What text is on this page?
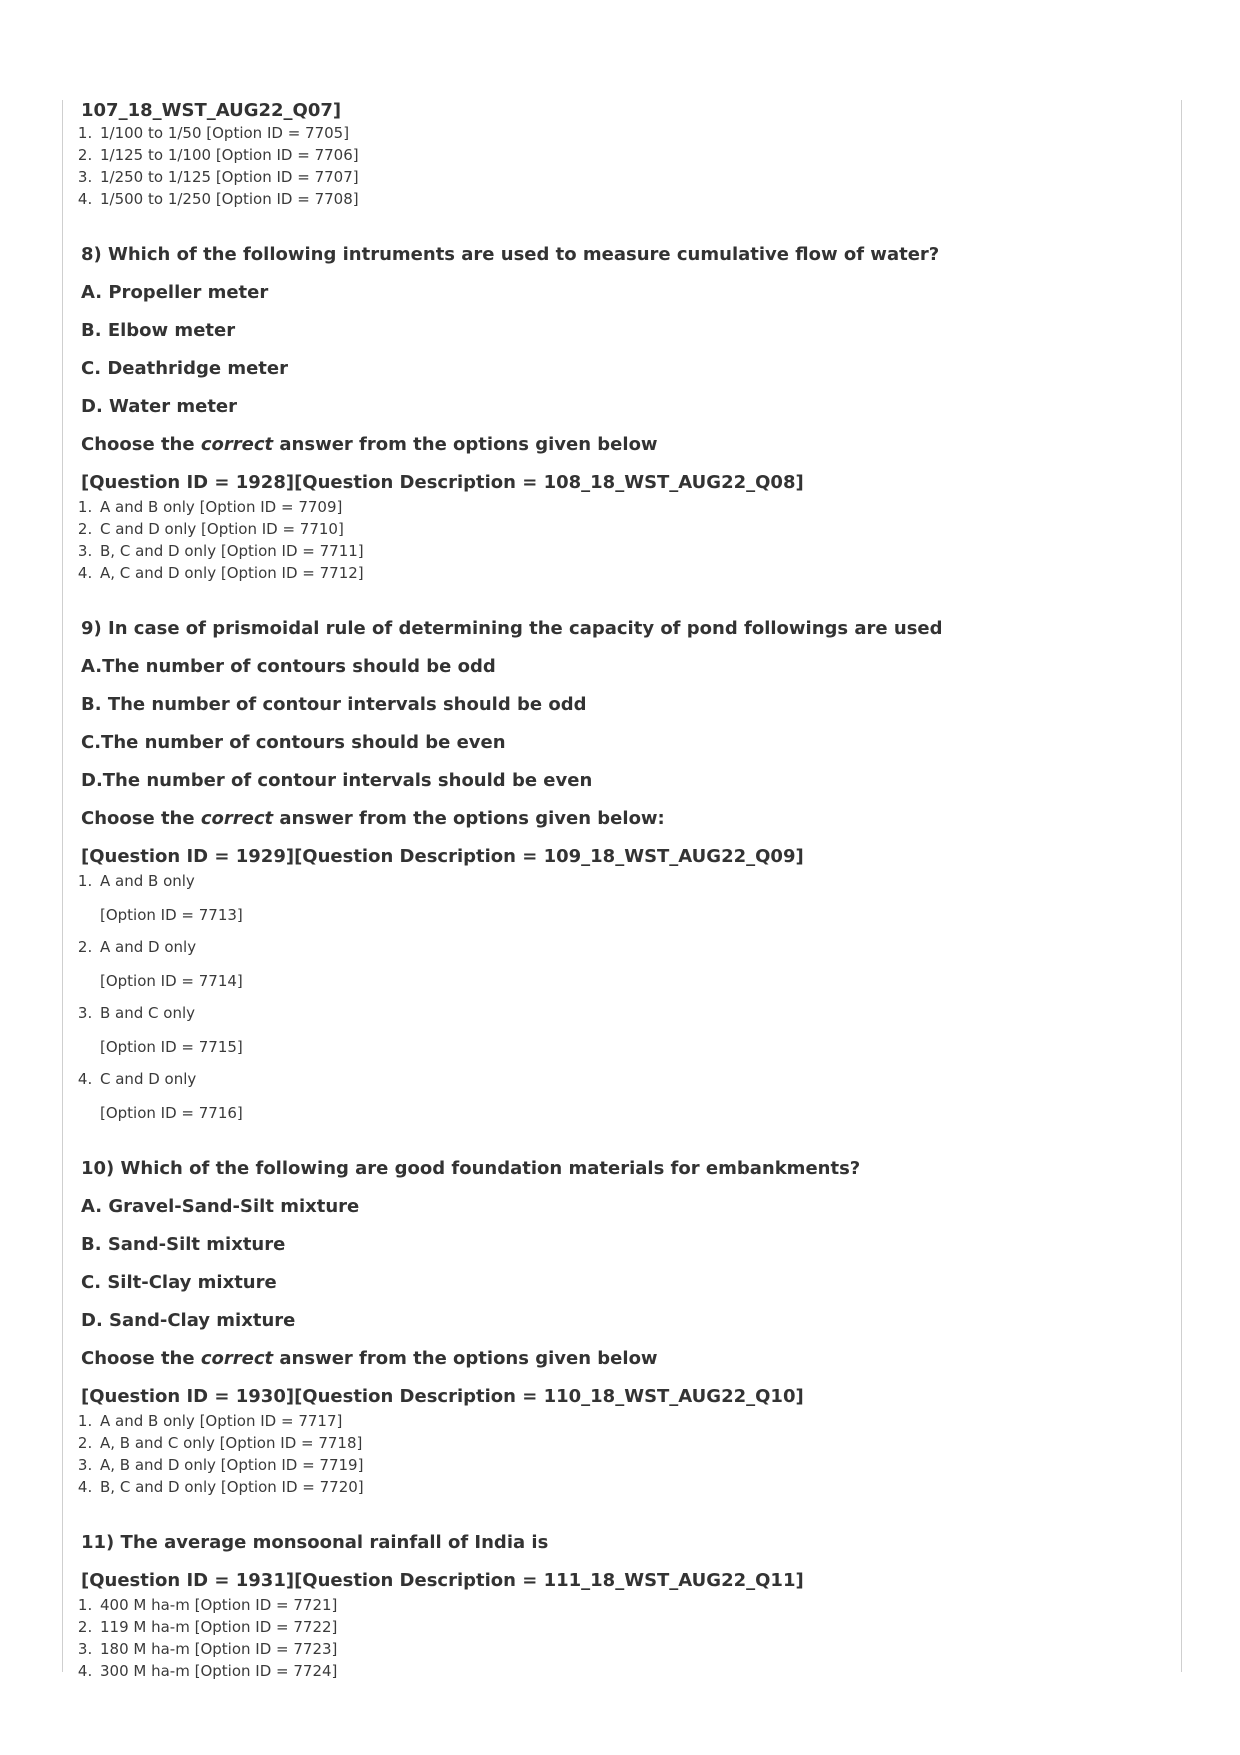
107_18_WST_AUG22_Q07]
1. 1/100 to 1/50 [Option ID = 7705]
2. 1/125 to 1/100 [Option ID = 7706]
3. 1/250 to 1/125 [Option ID = 7707]
4. 1/500 to 1/250 [Option ID = 7708]
8) Which of the following intruments are used to measure cumulative flow of water?
A. Propeller meter
B. Elbow meter
C. Deathridge meter
D. Water meter
Choose the correct answer from the options given below
[Question ID = 1928][Question Description = 108_18_WST_AUG22_Q08]
1. A and B only [Option ID = 7709]
2. C and D only [Option ID = 7710]
3. B, C and D only [Option ID = 7711]
4. A, C and D only [Option ID = 7712]
9) In case of prismoidal rule of determining the capacity of pond followings are used
A.The number of contours should be odd
B. The number of contour intervals should be odd
C.The number of contours should be even
D.The number of contour intervals should be even
Choose the correct answer from the options given below:
[Question ID = 1929][Question Description = 109_18_WST_AUG22_Q09]
1. A and B only
[Option ID = 7713]
2. A and D only
[Option ID = 7714]
3. B and C only
[Option ID = 7715]
4. C and D only
[Option ID = 7716]
10) Which of the following are good foundation materials for embankments?
A. Gravel-Sand-Silt mixture
B. Sand-Silt mixture
C. Silt-Clay mixture
D. Sand-Clay mixture
Choose the correct answer from the options given below
[Question ID = 1930][Question Description = 110_18_WST_AUG22_Q10]
1. A and B only [Option ID = 7717]
2. A, B and C only [Option ID = 7718]
3. A, B and D only [Option ID = 7719]
4. B, C and D only [Option ID = 7720]
11) The average monsoonal rainfall of India is
[Question ID = 1931][Question Description = 111_18_WST_AUG22_Q11]
1. 400 M ha-m [Option ID = 7721]
2. 119 M ha-m [Option ID = 7722]
3. 180 M ha-m [Option ID = 7723]
4. 300 M ha-m [Option ID = 7724]
